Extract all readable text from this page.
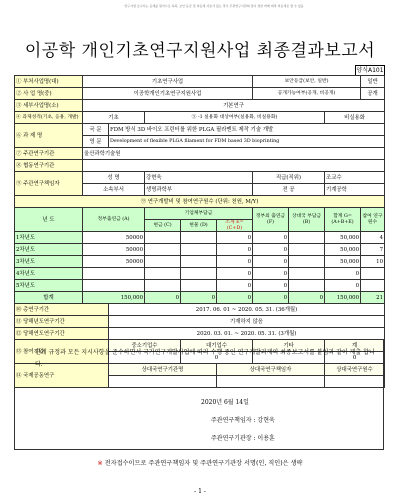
연구사업 보고서는 공개를 원칙으로 하되, 보안 등급 및 비공개 사유가 있는 경우 주관연구기관의 장이 정한 바에 따라 비공개로 할 수 있음
이공학 개인기초연구지원사업 최종결과보고서
양식A101
① 부처사업명(대)	기초연구사업					보안등급(보안, 일반)			일반
② 사 업 명(중)	이공학개인기초연구지원사업					공개가능여부(공개, 비공개)			공개
③ 세부사업명(소)	기본연구								
④ 과제성격(기초, 응용, 개발)	기초		⑤ -1 실용화 대상여부(실용화, 비실용화)					비실용화	
⑥ 과 제 명	국 문	FDM 방식 3D 바이오 프린터를 위한 PLGA 필라멘트 제작 기술 개발							
	영 문	Development of flexible PLGA filament for FDM based 3D bioprinting							
⑦ 주관연구기관	울산과학기술원								
⑧ 협동연구기관									
⑨ 주관연구책임자	성 명		강현욱			직급(직위)		조교수	
	소속부서		생명과학부			전 공		기계공학	
⑨ 연구개발비 및 참여연구원수 (단위: 천원, M/Y)									
년 도	정부출연금 (A)		기업체부담금			정부외 출연금 (F)	상대국 부담금 (B)	합계 G=(A+B+E)	참여 연구원수
			현금 (C)	현물 (D)	소계 E=(C+D)				
1차년도	50000				0	0		50,000	4
2차년도	50000				0	0		50,000	7
3차년도	50000				0	0		50,000	10
4차년도					0	0		0	
5차년도					0	0		0	
합계	150,000		0	0	0	0	0	150,000	21
⑩ 총연구기간		2017. 06. 01 ~ 2020. 05. 31. (36개월)							
⑪ 당해년도연구기간		기재하지 않음							
⑫ 당해연도연구기간		2020. 03. 01. ~ 2020. 05. 31. (3개월)							
⑬ 참여기업		중소기업수		대기업수		기타		계	
				0				0	
⑭ 국제공동연구		상대국연구기관명			상대국연구책임자			상대국연구원수	

관계 규정과 모든 지시사항을 준수하면서 국가연구개발사업에 따라 수행 중인 연구개발과제의 최종보고서를 붙임과 같이 제출 합니다.

2020년 6월 14일

주관연구책임자 : 강현욱

주관연구기관장 : 이용훈

※ 전자접수이므로 주관연구책임자 및 주관연구기관장 서명(인, 직인)은 생략
- 1 -
